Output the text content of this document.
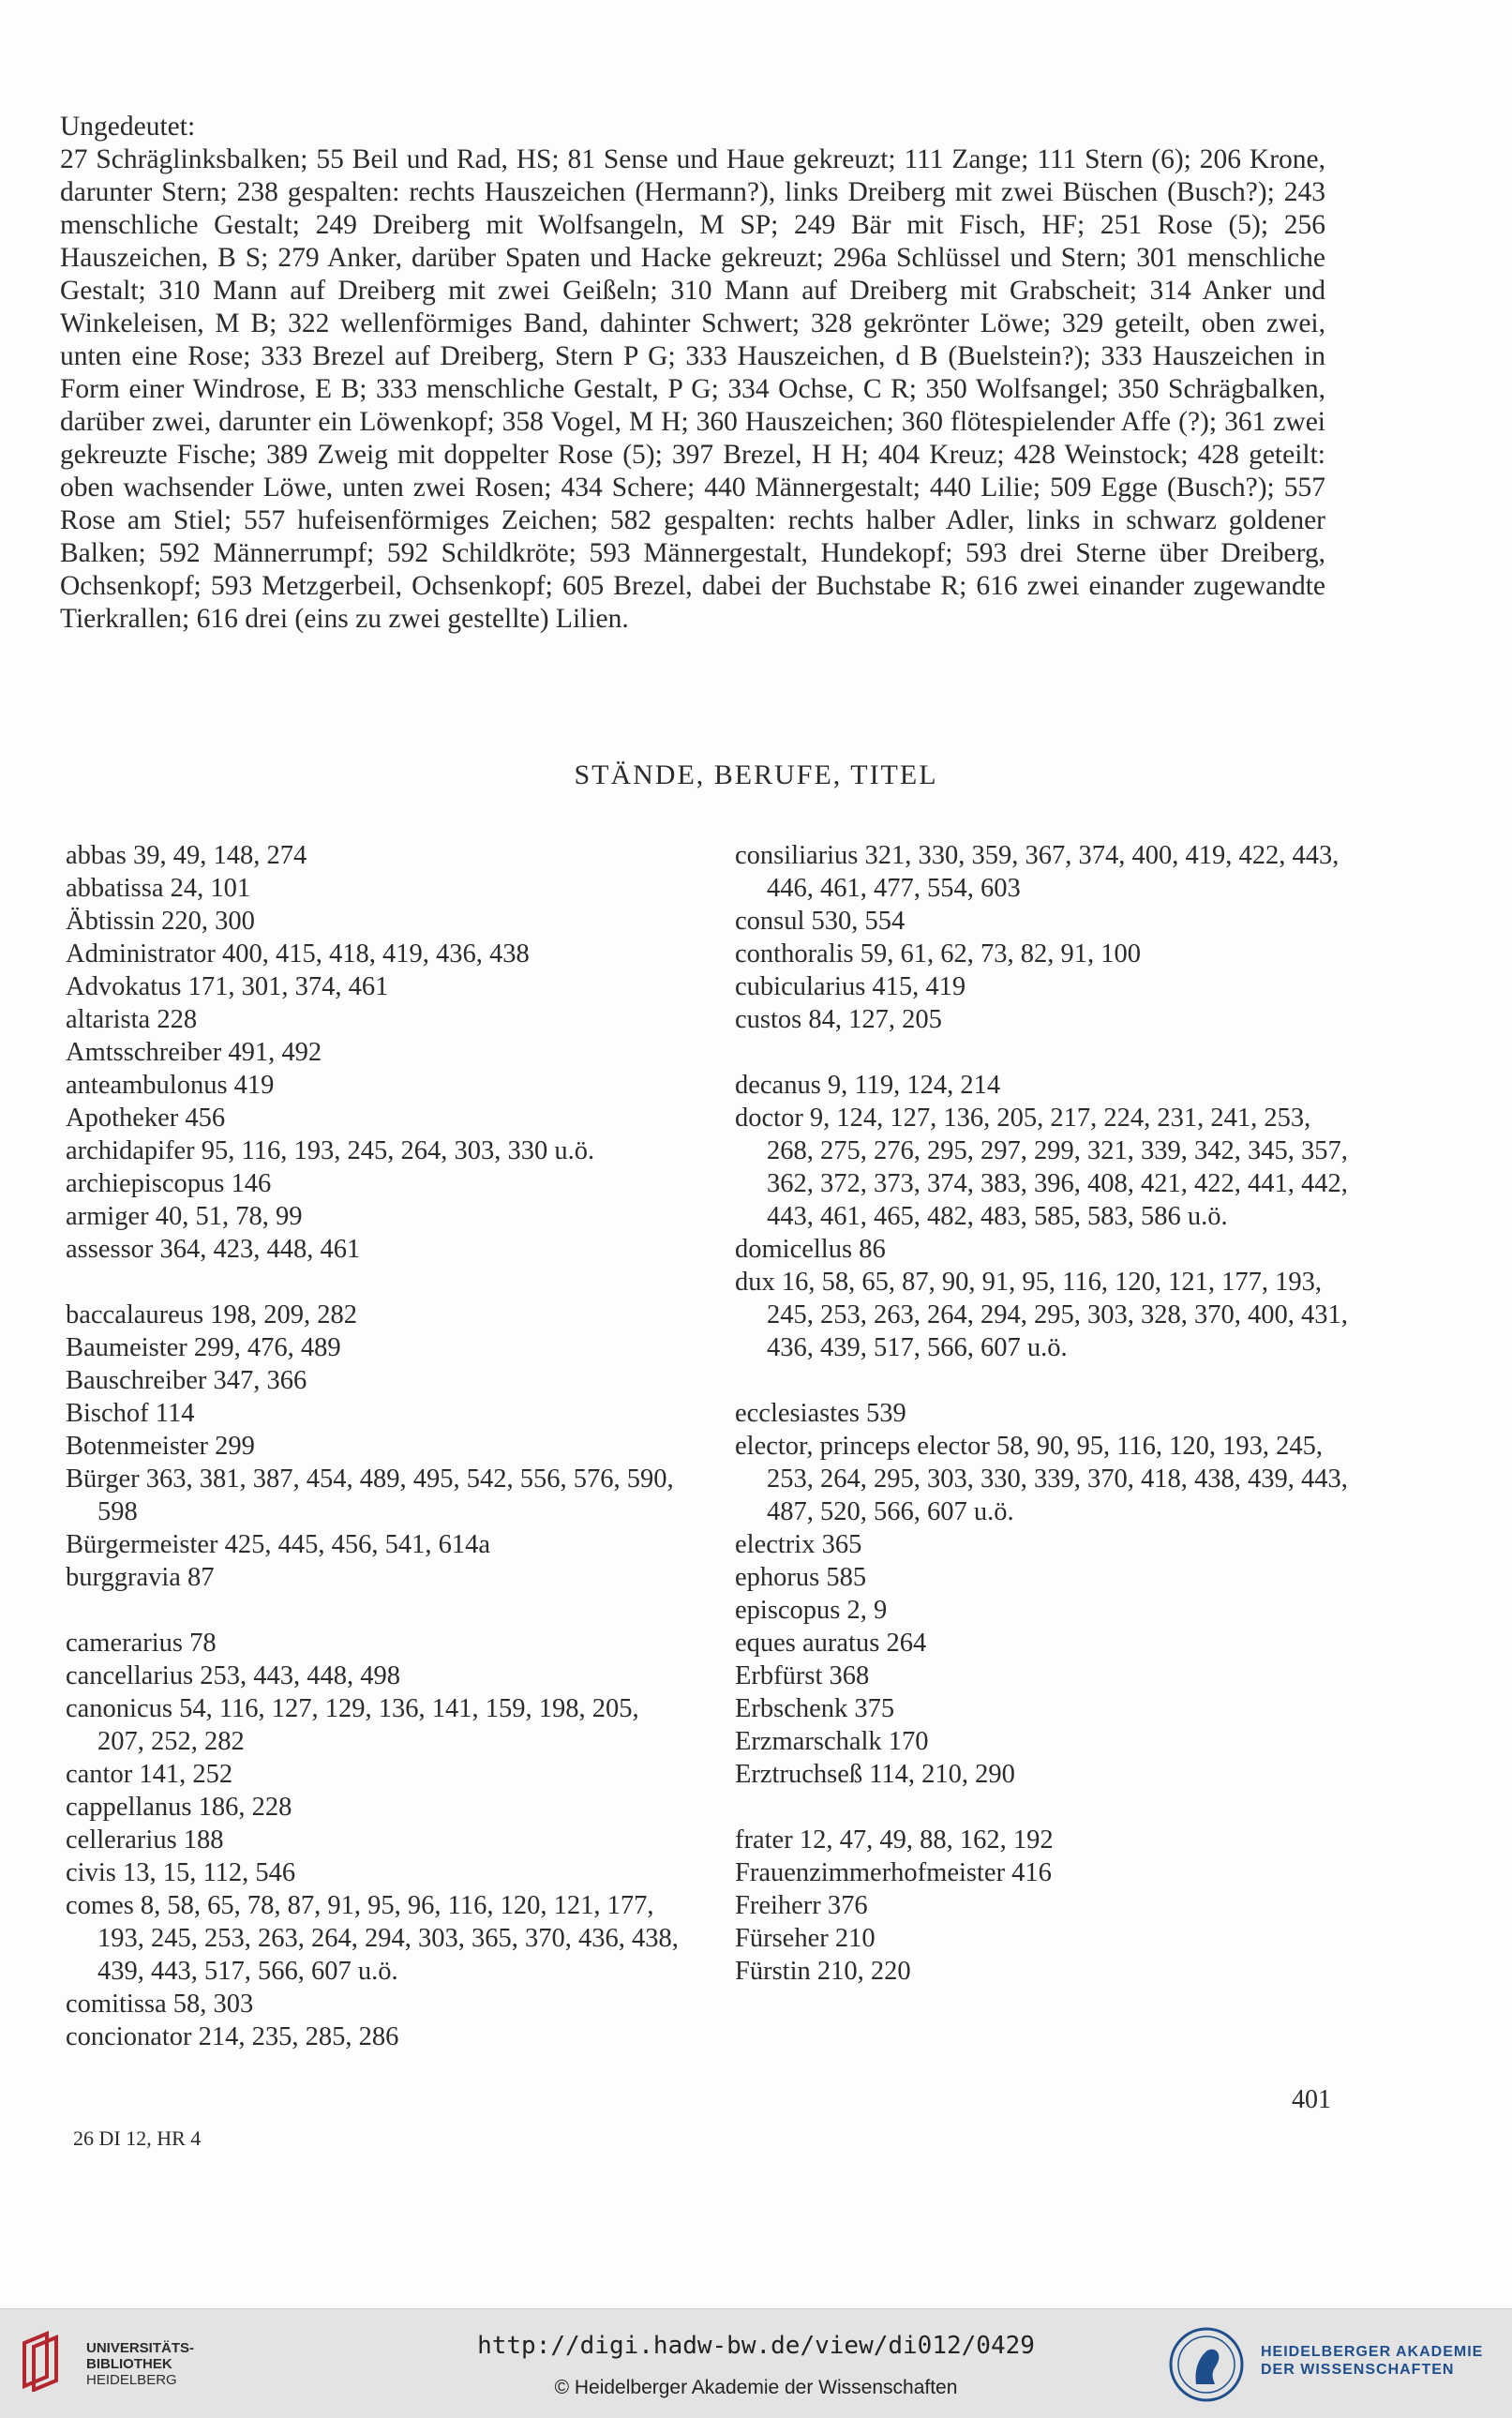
Ungedeutet:
27 Schräglinksbalken; 55 Beil und Rad, HS; 81 Sense und Haue gekreuzt; 111 Zange; 111 Stern (6); 206 Krone, darunter Stern; 238 gespalten: rechts Hauszeichen (Hermann?), links Dreiberg mit zwei Büschen (Busch?); 243 menschliche Gestalt; 249 Dreiberg mit Wolfsangeln, M SP; 249 Bär mit Fisch, HF; 251 Rose (5); 256 Hauszeichen, B S; 279 Anker, darüber Spaten und Hacke gekreuzt; 296a Schlüssel und Stern; 301 menschliche Gestalt; 310 Mann auf Dreiberg mit zwei Geißeln; 310 Mann auf Dreiberg mit Grabscheit; 314 Anker und Winkeleisen, M B; 322 wellenförmiges Band, dahinter Schwert; 328 gekrönter Löwe; 329 geteilt, oben zwei, unten eine Rose; 333 Brezel auf Dreiberg, Stern P G; 333 Hauszeichen, d B (Buelstein?); 333 Hauszeichen in Form einer Windrose, E B; 333 menschliche Gestalt, P G; 334 Ochse, C R; 350 Wolfsangel; 350 Schrägbalken, darüber zwei, darunter ein Löwenkopf; 358 Vogel, M H; 360 Hauszeichen; 360 flötespielender Affe (?); 361 zwei gekreuzte Fische; 389 Zweig mit doppelter Rose (5); 397 Brezel, H H; 404 Kreuz; 428 Weinstock; 428 geteilt: oben wachsender Löwe, unten zwei Rosen; 434 Schere; 440 Männergestalt; 440 Lilie; 509 Egge (Busch?); 557 Rose am Stiel; 557 hufeisenförmiges Zeichen; 582 gespalten: rechts halber Adler, links in schwarz goldener Balken; 592 Männerrumpf; 592 Schildkröte; 593 Männergestalt, Hundekopf; 593 drei Sterne über Dreiberg, Ochsenkopf; 593 Metzgerbeil, Ochsenkopf; 605 Brezel, dabei der Buchstabe R; 616 zwei einander zugewandte Tierkrallen; 616 drei (eins zu zwei gestellte) Lilien.
STÄNDE, BERUFE, TITEL
abbas 39, 49, 148, 274
abbatissa 24, 101
Äbtissin 220, 300
Administrator 400, 415, 418, 419, 436, 438
Advokatus 171, 301, 374, 461
altarista 228
Amtsschreiber 491, 492
anteambulonus 419
Apotheker 456
archidapifer 95, 116, 193, 245, 264, 303, 330 u.ö.
archiepiscopus 146
armiger 40, 51, 78, 99
assessor 364, 423, 448, 461
baccalaureus 198, 209, 282
Baumeister 299, 476, 489
Bauschreiber 347, 366
Bischof 114
Botenmeister 299
Bürger 363, 381, 387, 454, 489, 495, 542, 556, 576, 590, 598
Bürgermeister 425, 445, 456, 541, 614a
burggravia 87
camerarius 78
cancellarius 253, 443, 448, 498
canonicus 54, 116, 127, 129, 136, 141, 159, 198, 205, 207, 252, 282
cantor 141, 252
cappellanus 186, 228
cellerarius 188
civis 13, 15, 112, 546
comes 8, 58, 65, 78, 87, 91, 95, 96, 116, 120, 121, 177, 193, 245, 253, 263, 264, 294, 303, 365, 370, 436, 438, 439, 443, 517, 566, 607 u.ö.
comitissa 58, 303
concionator 214, 235, 285, 286
consiliarius 321, 330, 359, 367, 374, 400, 419, 422, 443, 446, 461, 477, 554, 603
consul 530, 554
conthoralis 59, 61, 62, 73, 82, 91, 100
cubicularius 415, 419
custos 84, 127, 205
decanus 9, 119, 124, 214
doctor 9, 124, 127, 136, 205, 217, 224, 231, 241, 253, 268, 275, 276, 295, 297, 299, 321, 339, 342, 345, 357, 362, 372, 373, 374, 383, 396, 408, 421, 422, 441, 442, 443, 461, 465, 482, 483, 585, 583, 586 u.ö.
domicellus 86
dux 16, 58, 65, 87, 90, 91, 95, 116, 120, 121, 177, 193, 245, 253, 263, 264, 294, 295, 303, 328, 370, 400, 431, 436, 439, 517, 566, 607 u.ö.
ecclesiastes 539
elector, princeps elector 58, 90, 95, 116, 120, 193, 245, 253, 264, 295, 303, 330, 339, 370, 418, 438, 439, 443, 487, 520, 566, 607 u.ö.
electrix 365
ephorus 585
episcopus 2, 9
eques auratus 264
Erbfürst 368
Erbschenk 375
Erzmarschalk 170
Erztruchseß 114, 210, 290
frater 12, 47, 49, 88, 162, 192
Frauenzimmerhofmeister 416
Freiherr 376
Fürseher 210
Fürstin 210, 220
401
26 DI 12, HR 4
UNIVERSITÄTS-
BIBLIOTHEK
HEIDELBERG
http://digi.hadw-bw.de/view/di012/0429
© Heidelberger Akademie der Wissenschaften
HEIDELBERGER AKADEMIE
DER WISSENSCHAFTEN
